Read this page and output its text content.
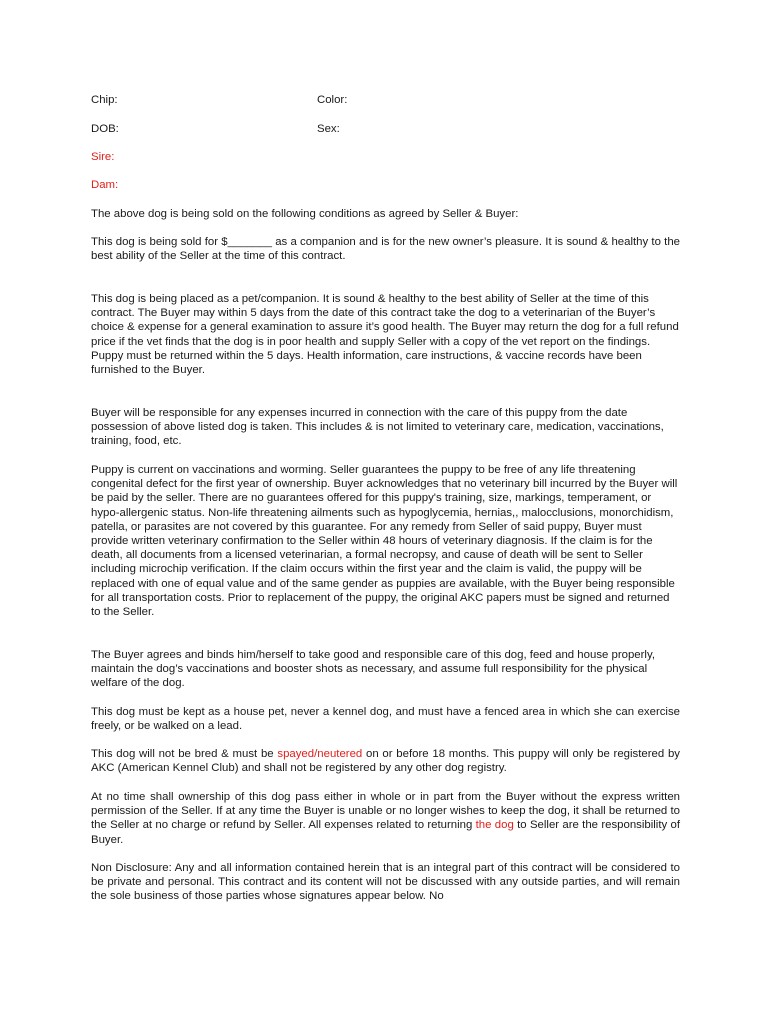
Chip:	Color:
DOB:	Sex:
Sire:
Dam:

The above dog is being sold on the following conditions as agreed by Seller & Buyer:

This dog is being sold for $_______ as a companion and is for the new owner’s pleasure. It is sound & healthy to the best ability of the Seller at the time of this contract.

This dog is being placed as a pet/companion. It is sound & healthy to the best ability of Seller at the time of this contract. The Buyer may within 5 days from the date of this contract take the dog to a veterinarian of the Buyer’s choice & expense for a general examination to assure it’s good health. The Buyer may return the dog for a full refund price if the vet finds that the dog is in poor health and supply Seller with a copy of the vet report on the findings. Puppy must be returned within the 5 days. Health information, care instructions, & vaccine records have been furnished to the Buyer.

Buyer will be responsible for any expenses incurred in connection with the care of this puppy from the date possession of above listed dog is taken. This includes & is not limited to veterinary care, medication, vaccinations, training, food, etc.

Puppy is current on vaccinations and worming. Seller guarantees the puppy to be free of any life threatening congenital defect for the first year of ownership. Buyer acknowledges that no veterinary bill incurred by the Buyer will be paid by the seller. There are no guarantees offered for this puppy's training, size, markings, temperament, or hypo-allergenic status. Non-life threatening ailments such as hypoglycemia, hernias,, malocclusions, monorchidism, patella, or parasites are not covered by this guarantee. For any remedy from Seller of said puppy, Buyer must provide written veterinary confirmation to the Seller within 48 hours of veterinary diagnosis. If the claim is for the death, all documents from a licensed veterinarian, a formal necropsy, and cause of death will be sent to Seller including microchip verification. If the claim occurs within the first year and the claim is valid, the puppy will be replaced with one of equal value and of the same gender as puppies are available, with the Buyer being responsible for all transportation costs. Prior to replacement of the puppy, the original AKC papers must be signed and returned to the Seller.

The Buyer agrees and binds him/herself to take good and responsible care of this dog, feed and house properly, maintain the dog’s vaccinations and booster shots as necessary, and assume full responsibility for the physical welfare of the dog.

This dog must be kept as a house pet, never a kennel dog, and must have a fenced area in which she can exercise freely, or be walked on a lead.

This dog will not be bred & must be spayed/neutered on or before 18 months. This puppy will only be registered by AKC (American Kennel Club) and shall not be registered by any other dog registry.

At no time shall ownership of this dog pass either in whole or in part from the Buyer without the express written permission of the Seller. If at any time the Buyer is unable or no longer wishes to keep the dog, it shall be returned to the Seller at no charge or refund by Seller. All expenses related to returning the dog to Seller are the responsibility of Buyer.

Non Disclosure: Any and all information contained herein that is an integral part of this contract will be considered to be private and personal. This contract and its content will not be discussed with any outside parties, and will remain the sole business of those parties whose signatures appear below. No
